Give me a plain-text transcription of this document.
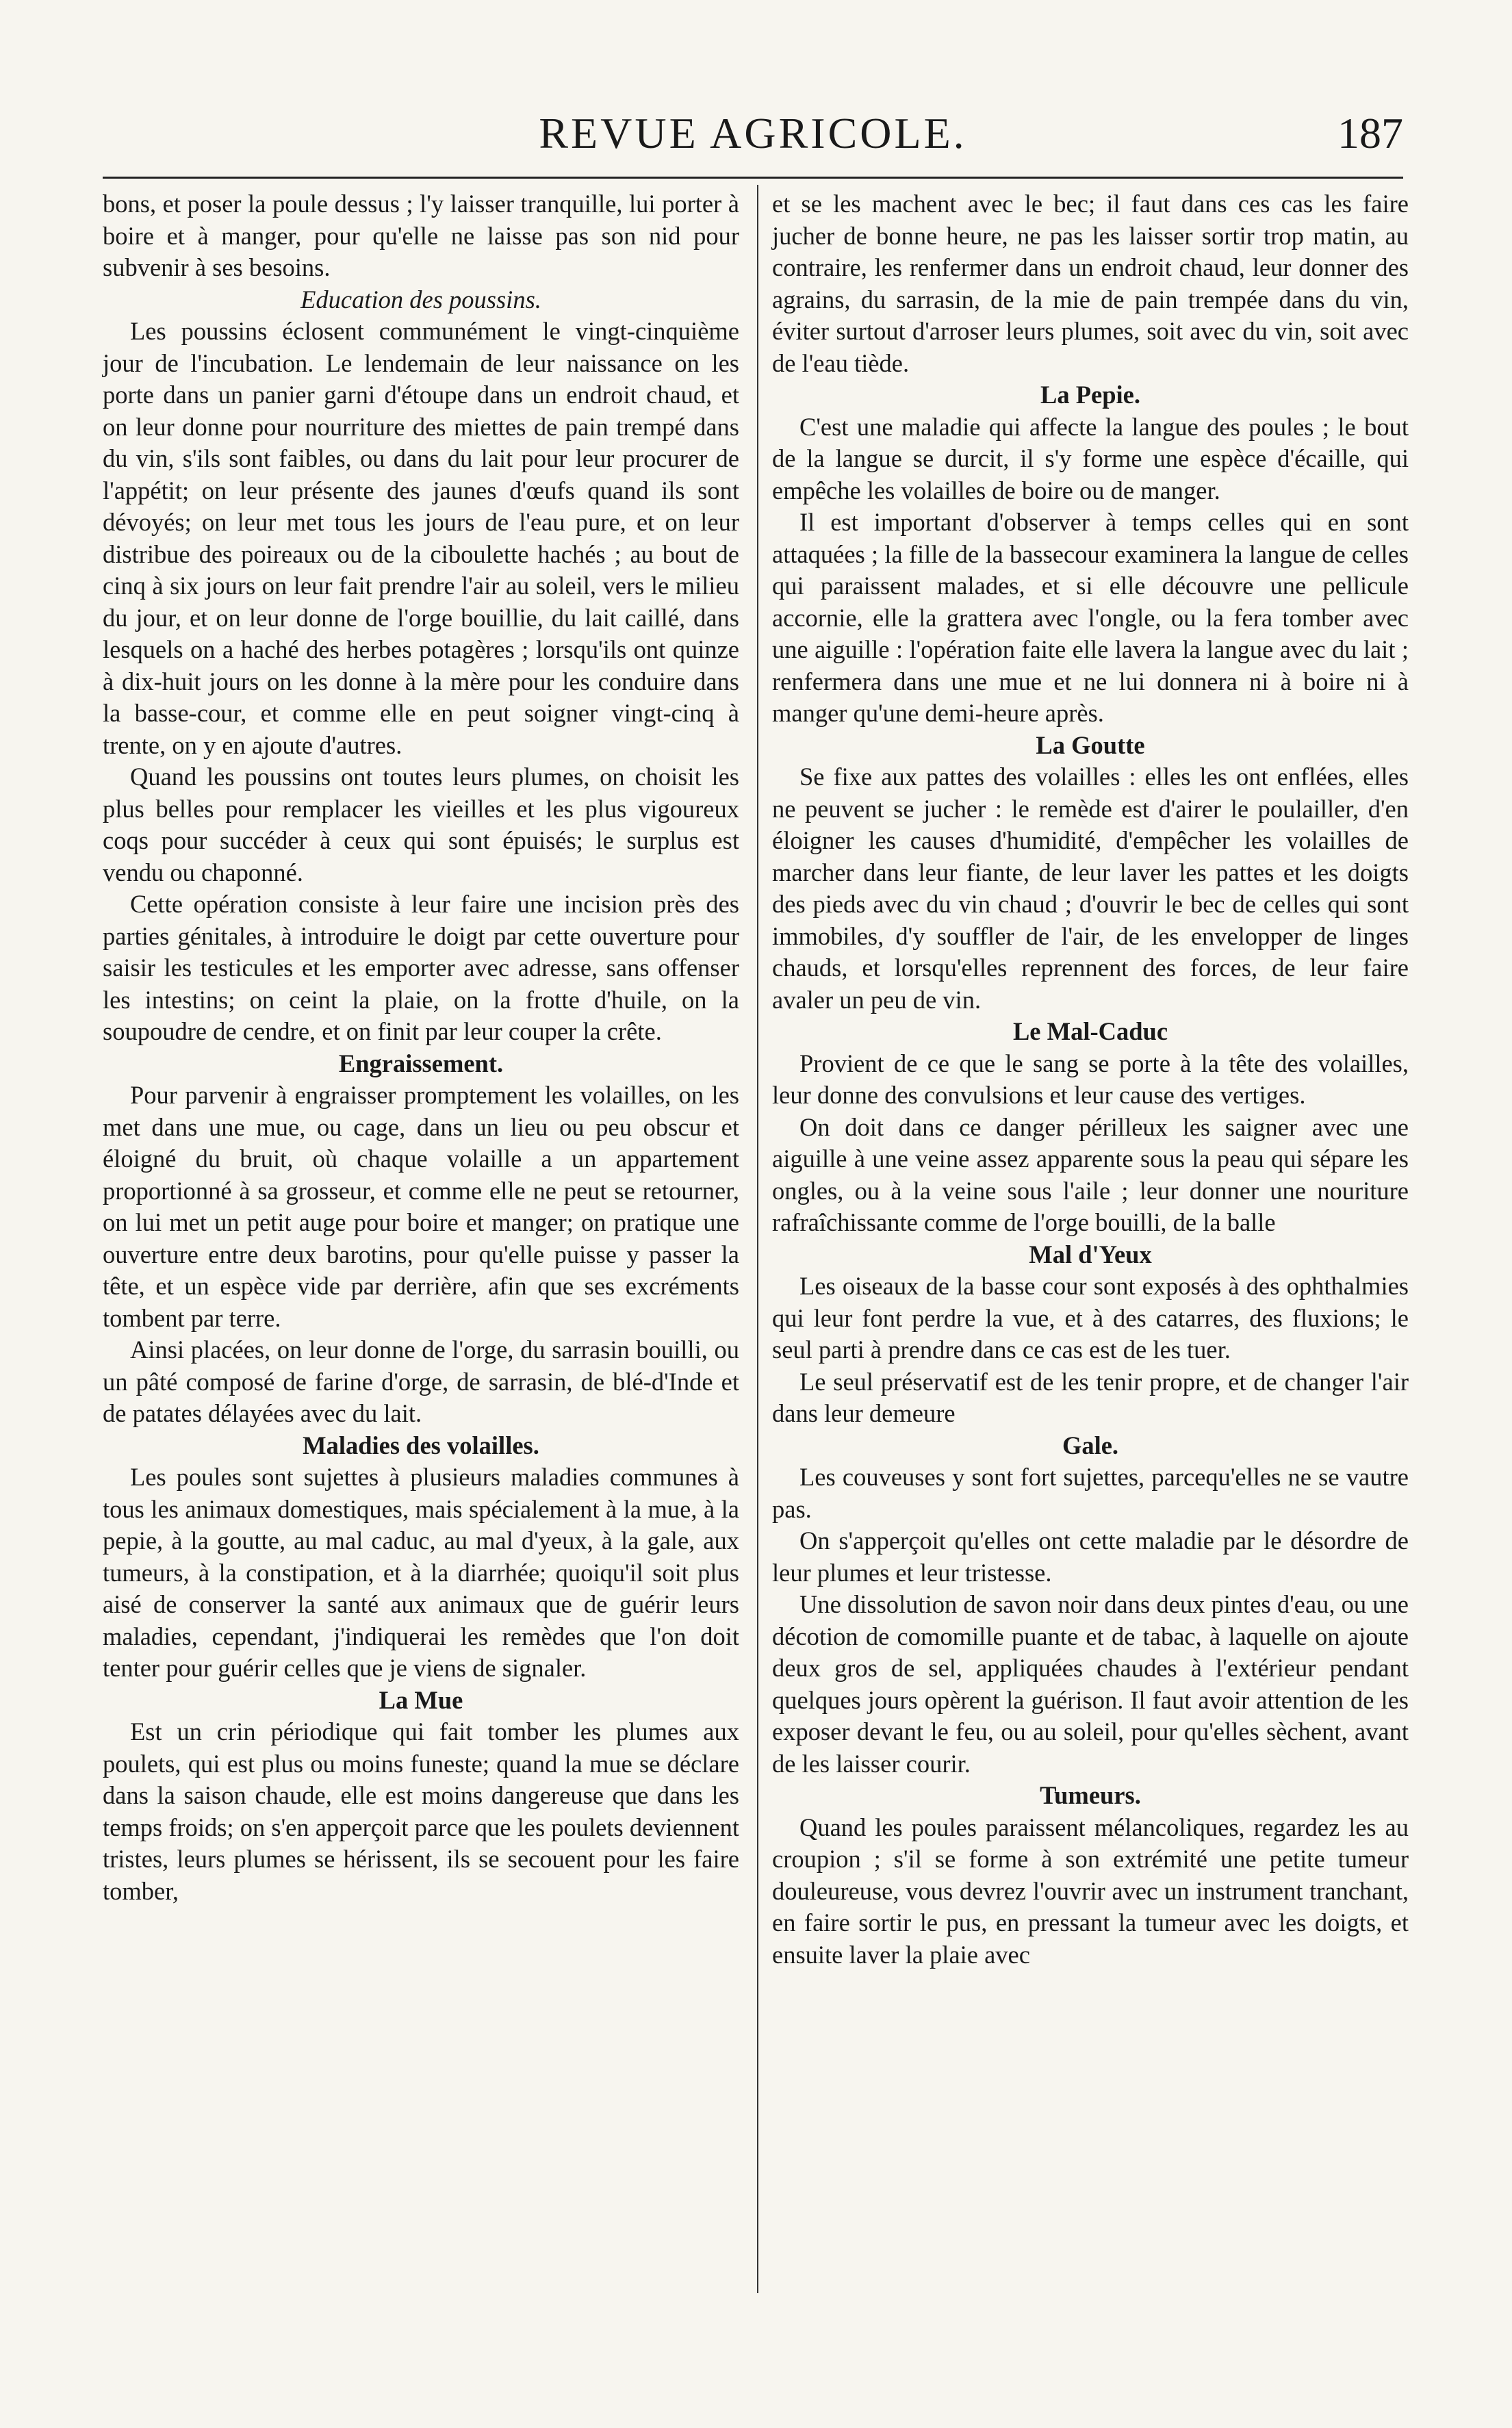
REVUE AGRICOLE.	187

bons, et poser la poule dessus ; l'y laisser tranquille, lui porter à boire et à manger, pour qu'elle ne laisse pas son nid pour subvenir à ses besoins.

Education des poussins.

Les poussins éclosent communément le vingt-cinquième jour de l'incubation. Le lendemain de leur naissance on les porte dans un panier garni d'étoupe dans un endroit chaud, et on leur donne pour nourriture des miettes de pain trempé dans du vin, s'ils sont faibles, ou dans du lait pour leur procurer de l'appétit; on leur présente des jaunes d'œufs quand ils sont dévoyés; on leur met tous les jours de l'eau pure, et on leur distribue des poireaux ou de la ciboulette hachés ; au bout de cinq à six jours on leur fait prendre l'air au soleil, vers le milieu du jour, et on leur donne de l'orge bouillie, du lait caillé, dans lesquels on a haché des herbes potagères ; lorsqu'ils ont quinze à dix-huit jours on les donne à la mère pour les conduire dans la basse-cour, et comme elle en peut soigner vingt-cinq à trente, on y en ajoute d'autres.

Quand les poussins ont toutes leurs plumes, on choisit les plus belles pour remplacer les vieilles et les plus vigoureux coqs pour succéder à ceux qui sont épuisés; le surplus est vendu ou chaponné.

Cette opération consiste à leur faire une incision près des parties génitales, à introduire le doigt par cette ouverture pour saisir les testicules et les emporter avec adresse, sans offenser les intestins; on ceint la plaie, on la frotte d'huile, on la soupoudre de cendre, et on finit par leur couper la crête.

Engraissement.

Pour parvenir à engraisser promptement les volailles, on les met dans une mue, ou cage, dans un lieu ou peu obscur et éloigné du bruit, où chaque volaille a un appartement proportionné à sa grosseur, et comme elle ne peut se retourner, on lui met un petit auge pour boire et manger; on pratique une ouverture entre deux barotins, pour qu'elle puisse y passer la tête, et un espèce vide par derrière, afin que ses excréments tombent par terre.

Ainsi placées, on leur donne de l'orge, du sarrasin bouilli, ou un pâté composé de farine d'orge, de sarrasin, de blé-d'Inde et de patates délayées avec du lait.

Maladies des volailles.

Les poules sont sujettes à plusieurs maladies communes à tous les animaux domestiques, mais spécialement à la mue, à la pepie, à la goutte, au mal caduc, au mal d'yeux, à la gale, aux tumeurs, à la constipation, et à la diarrhée; quoiqu'il soit plus aisé de conserver la santé aux animaux que de guérir leurs maladies, cependant, j'indiquerai les remèdes que l'on doit tenter pour guérir celles que je viens de signaler.

La Mue

Est un crin périodique qui fait tomber les plumes aux poulets, qui est plus ou moins funeste; quand la mue se déclare dans la saison chaude, elle est moins dangereuse que dans les temps froids; on s'en apperçoit parce que les poulets deviennent tristes, leurs plumes se hérissent, ils se secouent pour les faire tomber,

et se les machent avec le bec; il faut dans ces cas les faire jucher de bonne heure, ne pas les laisser sortir trop matin, au contraire, les renfermer dans un endroit chaud, leur donner des agrains, du sarrasin, de la mie de pain trempée dans du vin, éviter surtout d'arroser leurs plumes, soit avec du vin, soit avec de l'eau tiède.

La Pepie.

C'est une maladie qui affecte la langue des poules ; le bout de la langue se durcit, il s'y forme une espèce d'écaille, qui empêche les volailles de boire ou de manger.

Il est important d'observer à temps celles qui en sont attaquées ; la fille de la bassecour examinera la langue de celles qui paraissent malades, et si elle découvre une pellicule accornie, elle la grattera avec l'ongle, ou la fera tomber avec une aiguille : l'opération faite elle lavera la langue avec du lait ; renfermera dans une mue et ne lui donnera ni à boire ni à manger qu'une demi-heure après.

La Goutte

Se fixe aux pattes des volailles : elles les ont enflées, elles ne peuvent se jucher : le remède est d'airer le poulailler, d'en éloigner les causes d'humidité, d'empêcher les volailles de marcher dans leur fiante, de leur laver les pattes et les doigts des pieds avec du vin chaud ; d'ouvrir le bec de celles qui sont immobiles, d'y souffler de l'air, de les envelopper de linges chauds, et lorsqu'elles reprennent des forces, de leur faire avaler un peu de vin.

Le Mal-Caduc

Provient de ce que le sang se porte à la tête des volailles, leur donne des convulsions et leur cause des vertiges.

On doit dans ce danger périlleux les saigner avec une aiguille à une veine assez apparente sous la peau qui sépare les ongles, ou à la veine sous l'aile ; leur donner une nouriture rafraîchissante comme de l'orge bouilli, de la balle

Mal d'Yeux

Les oiseaux de la basse cour sont exposés à des ophthalmies qui leur font perdre la vue, et à des catarres, des fluxions; le seul parti à prendre dans ce cas est de les tuer.

Le seul préservatif est de les tenir propre, et de changer l'air dans leur demeure

Gale.

Les couveuses y sont fort sujettes, parcequ'elles ne se vautre pas.

On s'apperçoit qu'elles ont cette maladie par le désordre de leur plumes et leur tristesse.

Une dissolution de savon noir dans deux pintes d'eau, ou une décotion de comomille puante et de tabac, à laquelle on ajoute deux gros de sel, appliquées chaudes à l'extérieur pendant quelques jours opèrent la guérison. Il faut avoir attention de les exposer devant le feu, ou au soleil, pour qu'elles sèchent, avant de les laisser courir.

Tumeurs.

Quand les poules paraissent mélancoliques, regardez les au croupion ; s'il se forme à son extrémité une petite tumeur douleureuse, vous devrez l'ouvrir avec un instrument tranchant, en faire sortir le pus, en pressant la tumeur avec les doigts, et ensuite laver la plaie avec
